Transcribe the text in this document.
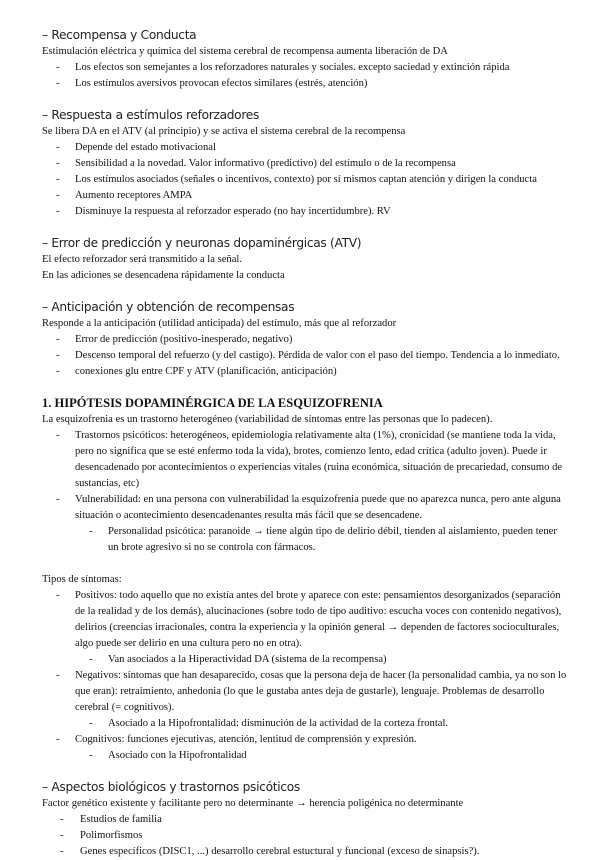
– Recompensa y Conducta

Estimulación eléctrica y química del sistema cerebral de recompensa aumenta liberación de DA

- Los efectos son semejantes a los reforzadores naturales y sociales. excepto saciedad y extinción rápida
- Los estímulos aversivos provocan efectos similares (estrés, atención)
– Respuesta a estímulos reforzadores

Se libera DA en el ATV (al principio) y se activa el sistema cerebral de la recompensa

- Depende del estado motivacional
- Sensibilidad a la novedad. Valor informativo (predictivo) del estímulo o de la recompensa
- Los estímulos asociados (señales o incentivos, contexto) por sí mismos captan atención y dirigen la conducta
- Aumento receptores AMPA
- Disminuye la respuesta al reforzador esperado (no hay incertidumbre). RV
– Error de predicción y neuronas dopaminérgicas (ATV)

El efecto reforzador será transmitido a la señal.

En las adiciones se desencadena rápidamente la conducta

– Anticipación y obtención de recompensas

Responde a la anticipación (utilidad anticipada) del estímulo, más que al reforzador

- Error de predicción (positivo-inesperado, negativo)
- Descenso temporal del refuerzo (y del castigo). Pérdida de valor con el paso del tiempo. Tendencia a lo inmediato.
- conexiones glu entre CPF y ATV (planificación, anticipación)
1. HIPÓTESIS DOPAMINÉRGICA DE LA ESQUIZOFRENIA

La esquizofrenia es un trastorno heterogéneo (variabilidad de síntomas entre las personas que lo padecen).

- Trastornos psicóticos: heterogéneos, epidemiología relativamente alta (1%), cronicidad (se mantiene toda la vida, pero no significa que se esté enfermo toda la vida), brotes, comienzo lento, edad crítica (adulto joven). Puede ir desencadenado por acontecimientos o experiencias vitales (ruina económica, situación de precariedad, consumo de sustancias, etc)
- Vulnerabilidad: en una persona con vulnerabilidad la esquizofrenia puede que no aparezca nunca, pero ante alguna situación o acontecimiento desencadenantes resulta más fácil que se desencadene.
- Personalidad psicótica: paranoide → tiene algún tipo de delirio débil, tienden al aislamiento, pueden tener un brote agresivo si no se controla con fármacos.

Tipos de síntomas:

- Positivos: todo aquello que no existía antes del brote y aparece con este: pensamientos desorganizados (separación de la realidad y de los demás), alucinaciones (sobre todo de tipo auditivo: escucha voces con contenido negativos), delirios (creencias irracionales, contra la experiencia y la opinión general → dependen de factores socioculturales, algo puede ser delirio en una cultura pero no en otra).
- Van asociados a la Hiperactividad DA (sistema de la recompensa)
- Negativos: síntomas que han desaparecido, cosas que la persona deja de hacer (la personalidad cambia, ya no son lo que eran): retraimiento, anhedonia (lo que le gustaba antes deja de gustarle), lenguaje. Problemas de desarrollo cerebral (= cognitivos).
- Asociado a la Hipofrontalidad: disminución de la actividad de la corteza frontal.
- Cognitivos: funciones ejecutivas, atención, lentitud de comprensión y expresión.
- Asociado con la Hipofrontalidad
– Aspectos biológicos y trastornos psicóticos

Factor genético existente y facilitante pero no determinante → herencia poligénica no determinante

- Estudios de familia
- Polimorfismos
- Genes específicos (DISC1, ...) desarrollo cerebral estuctural y funcional (exceso de sinapsis?).
